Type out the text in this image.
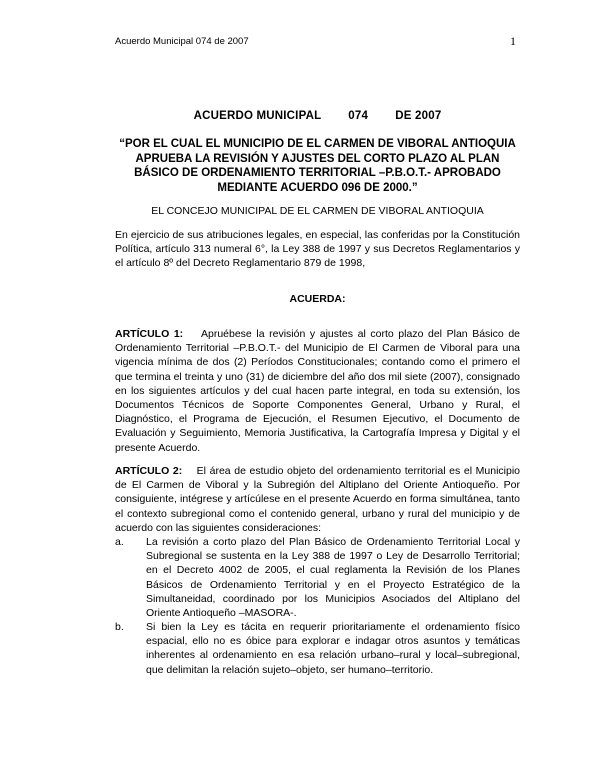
Acuerdo Municipal 074 de 2007	1
ACUERDO MUNICIPAL 074 DE 2007
“POR EL CUAL EL MUNICIPIO DE EL CARMEN DE VIBORAL ANTIOQUIA APRUEBA LA REVISIÓN Y AJUSTES DEL CORTO PLAZO AL PLAN BÁSICO DE ORDENAMIENTO TERRITORIAL –P.B.O.T.- APROBADO MEDIANTE ACUERDO 096 DE 2000.”
EL CONCEJO MUNICIPAL DE EL CARMEN DE VIBORAL ANTIOQUIA
En ejercicio de sus atribuciones legales, en especial, las conferidas por la Constitución Política, artículo 313 numeral 6°, la Ley 388 de 1997 y sus Decretos Reglamentarios y el artículo 8º del Decreto Reglamentario 879 de 1998,
ACUERDA:
ARTÍCULO 1: Apruébese la revisión y ajustes al corto plazo del Plan Básico de Ordenamiento Territorial –P.B.O.T.- del Municipio de El Carmen de Viboral para una vigencia mínima de dos (2) Períodos Constitucionales; contando como el primero el que termina el treinta y uno (31) de diciembre del año dos mil siete (2007), consignado en los siguientes artículos y del cual hacen parte integral, en toda su extensión, los Documentos Técnicos de Soporte Componentes General, Urbano y Rural, el Diagnóstico, el Programa de Ejecución, el Resumen Ejecutivo, el Documento de Evaluación y Seguimiento, Memoria Justificativa, la Cartografía Impresa y Digital y el presente Acuerdo.
ARTÍCULO 2: El área de estudio objeto del ordenamiento territorial es el Municipio de El Carmen de Viboral y la Subregión del Altiplano del Oriente Antioqueño. Por consiguiente, intégrese y artícúlese en el presente Acuerdo en forma simultánea, tanto el contexto subregional como el contenido general, urbano y rural del municipio y de acuerdo con las siguientes consideraciones:
a. La revisión a corto plazo del Plan Básico de Ordenamiento Territorial Local y Subregional se sustenta en la Ley 388 de 1997 o Ley de Desarrollo Territorial; en el Decreto 4002 de 2005, el cual reglamenta la Revisión de los Planes Básicos de Ordenamiento Territorial y en el Proyecto Estratégico de la Simultaneidad, coordinado por los Municipios Asociados del Altiplano del Oriente Antioqueño –MASORA-.
b. Si bien la Ley es tácita en requerir prioritariamente el ordenamiento físico espacial, ello no es óbice para explorar e indagar otros asuntos y temáticas inherentes al ordenamiento en esa relación urbano–rural y local–subregional, que delimitan la relación sujeto–objeto, ser humano–territorio.
